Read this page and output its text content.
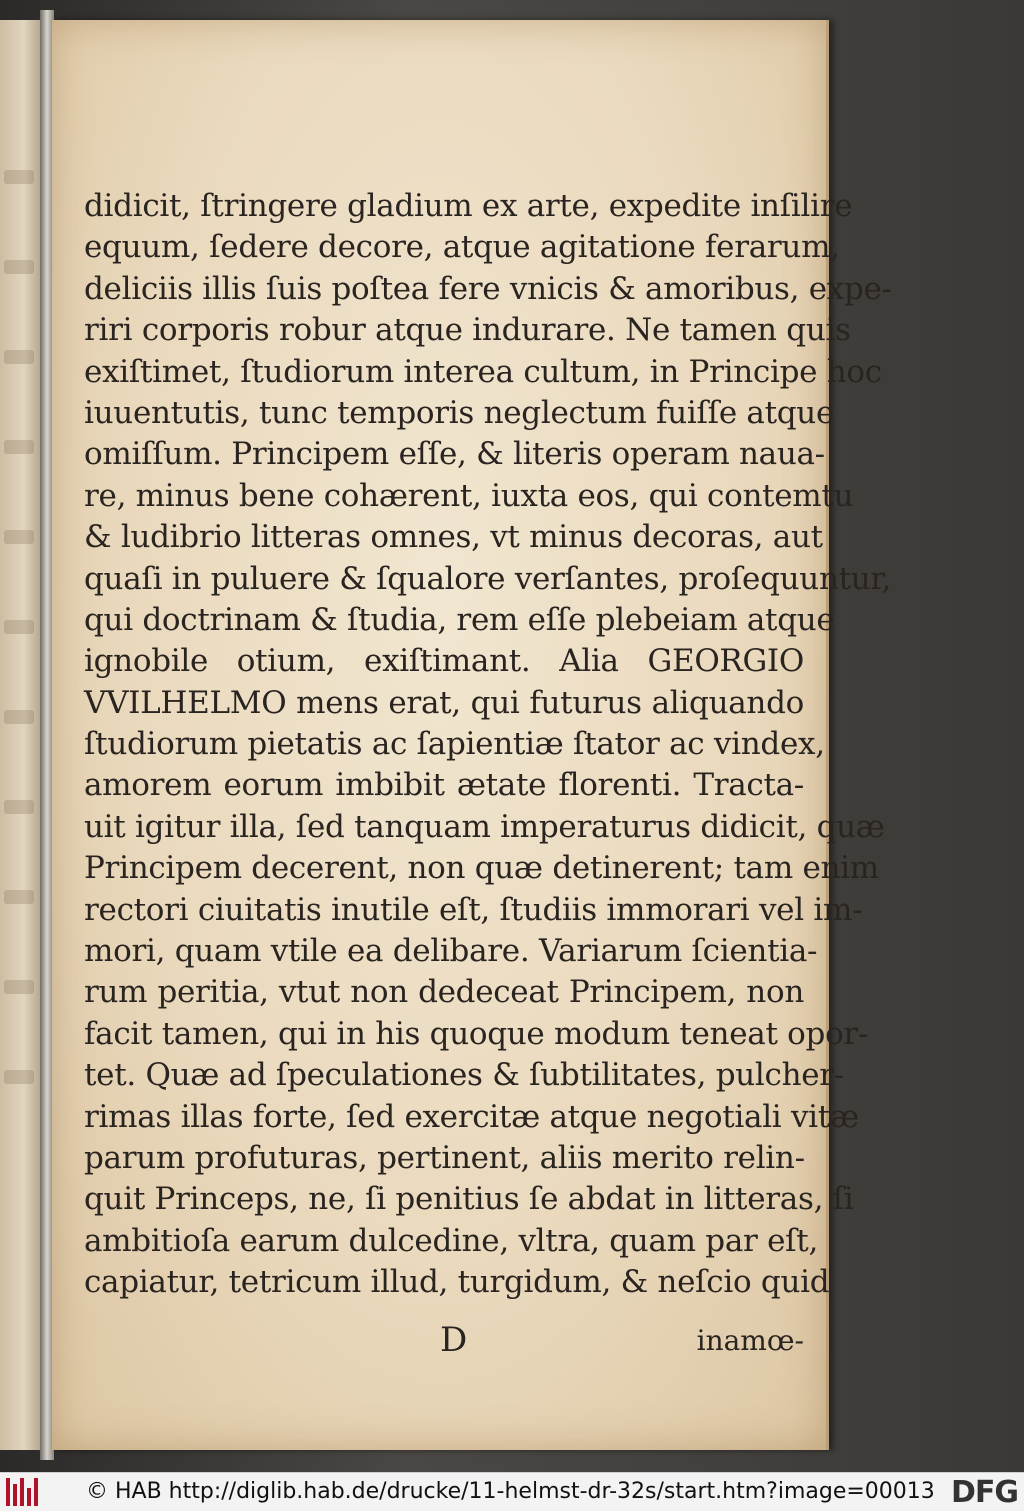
didicit, ſtringere gladium ex arte, expedite inſilire
equum, ſedere decore, atque agitatione ferarum,
deliciis illis ſuis poſtea fere vnicis & amoribus, expe-
riri corporis robur atque indurare. Ne tamen quis
exiſtimet, ſtudiorum interea cultum, in Principe hoc
iuuentutis, tunc temporis neglectum fuiſſe atque
omiſſum. Principem eſſe, & literis operam naua-
re, minus bene cohærent, iuxta eos, qui contemtu
& ludibrio litteras omnes, vt minus decoras, aut
quaſi in puluere & ſqualore verſantes, proſequuntur,
qui doctrinam & ſtudia, rem eſſe plebeiam atque
ignobile otium, exiſtimant. Alia GEORGIO
VVILHELMO mens erat, qui futurus aliquando
ſtudiorum pietatis ac ſapientiæ ſtator ac vindex,
amorem eorum imbibit ætate florenti. Tracta-
uit igitur illa, ſed tanquam imperaturus didicit, quæ
Principem decerent, non quæ detinerent; tam enim
rectori ciuitatis inutile eſt, ſtudiis immorari vel im-
mori, quam vtile ea delibare. Variarum ſcientia-
rum peritia, vtut non dedeceat Principem, non
facit tamen, qui in his quoque modum teneat opor-
tet. Quæ ad ſpeculationes & ſubtilitates, pulcher-
rimas illas forte, ſed exercitæ atque negotiali vitæ
parum profuturas, pertinent, aliis merito relin-
quit Princeps, ne, ſi penitius ſe abdat in litteras, ſi
ambitioſa earum dulcedine, vltra, quam par eſt,
capiatur, tetricum illud, turgidum, & neſcio quid
D	inamœ-
© HAB http://diglib.hab.de/drucke/11-helmst-dr-32s/start.htm?image=00013 DFG
